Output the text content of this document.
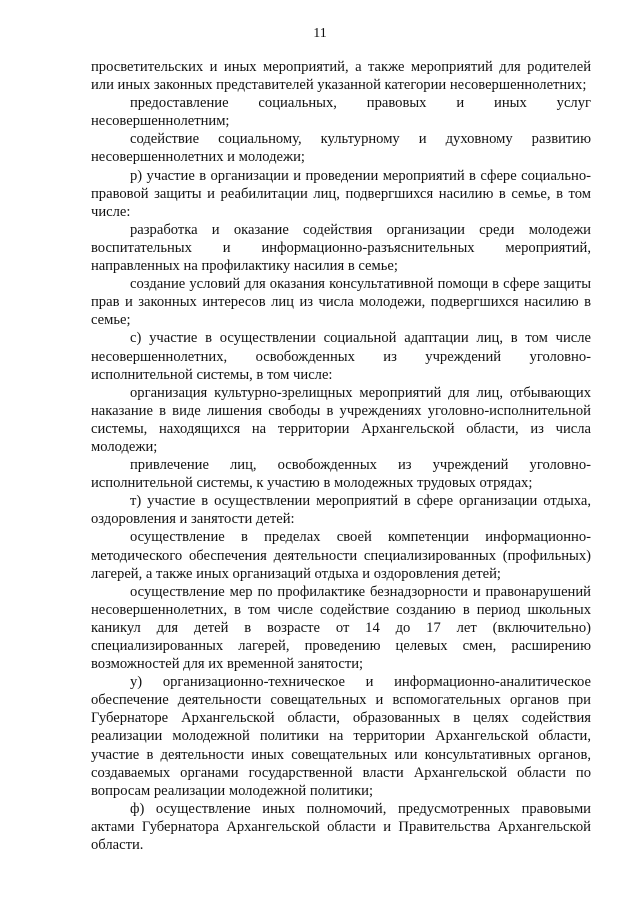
11

просветительских и иных мероприятий, а также мероприятий для родителей или иных законных представителей указанной категории несовершеннолетних;

предоставление социальных, правовых и иных услуг несовершеннолетним;

содействие социальному, культурному и духовному развитию несовершеннолетних и молодежи;

р) участие в организации и проведении мероприятий в сфере социально-правовой защиты и реабилитации лиц, подвергшихся насилию в семье, в том числе:

разработка и оказание содействия организации среди молодежи воспитательных и информационно-разъяснительных мероприятий, направленных на профилактику насилия в семье;

создание условий для оказания консультативной помощи в сфере защиты прав и законных интересов лиц из числа молодежи, подвергшихся насилию в семье;

с) участие в осуществлении социальной адаптации лиц, в том числе несовершеннолетних, освобожденных из учреждений уголовно-исполнительной системы, в том числе:

организация культурно-зрелищных мероприятий для лиц, отбывающих наказание в виде лишения свободы в учреждениях уголовно-исполнительной системы, находящихся на территории Архангельской области, из числа молодежи;

привлечение лиц, освобожденных из учреждений уголовно-исполнительной системы, к участию в молодежных трудовых отрядах;

т) участие в осуществлении мероприятий в сфере организации отдыха, оздоровления и занятости детей:

осуществление в пределах своей компетенции информационно-методического обеспечения деятельности специализированных (профильных) лагерей, а также иных организаций отдыха и оздоровления детей;

осуществление мер по профилактике безнадзорности и правонарушений несовершеннолетних, в том числе содействие созданию в период школьных каникул для детей в возрасте от 14 до 17 лет (включительно) специализированных лагерей, проведению целевых смен, расширению возможностей для их временной занятости;

у) организационно-техническое и информационно-аналитическое обеспечение деятельности совещательных и вспомогательных органов при Губернаторе Архангельской области, образованных в целях содействия реализации молодежной политики на территории Архангельской области, участие в деятельности иных совещательных или консультативных органов, создаваемых органами государственной власти Архангельской области по вопросам реализации молодежной политики;

ф) осуществление иных полномочий, предусмотренных правовыми актами Губернатора Архангельской области и Правительства Архангельской области.
